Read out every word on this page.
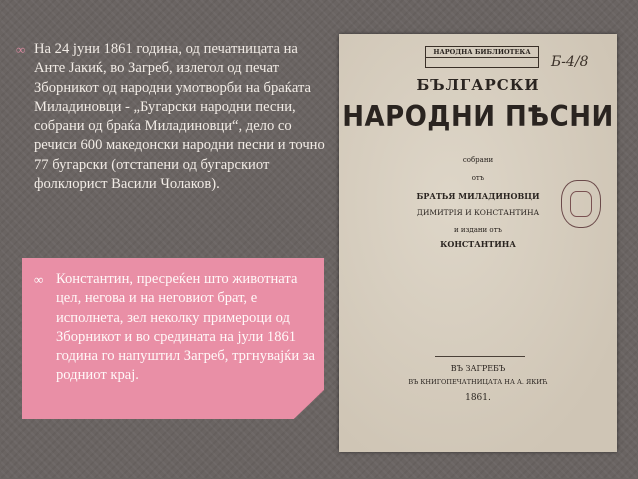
∞ На 24 јуни 1861 година, од печатницата на Анте Јакиќ, во Загреб, излегол од печат Зборникот од народни умотворби на браќата Миладиновци - „Бугарски народни песни, собрани од браќа Миладиновци“, дело со речиси 600 македонски народни песни и точно 77 бугарски (отстапени од бугарскиот фолклорист Васили Чолаков).
∞ Константин, пресреќен што животната цел, негова и на неговиот брат, е исполнета, зел неколку примероци од Зборникот и во средината на јули 1861 година го напуштил Загреб, тргнувајќи за родниот крај.
НАРОДНА БИБЛИОТЕКА
Б-4/8
БЪЛГАРСКИ
НАРОДНИ ПѢСНИ
собрани
отъ
БРАТЬЯ МИЛАДИНОВЦИ
ДИМИТРІЯ И КОНСТАНТИНА
и издани отъ
КОНСТАНТИНА
ВЪ ЗАГРЕБЪ
ВЪ КНИГОПЕЧАТНИЦАТА НА А. ЯКИЋ
1861.
